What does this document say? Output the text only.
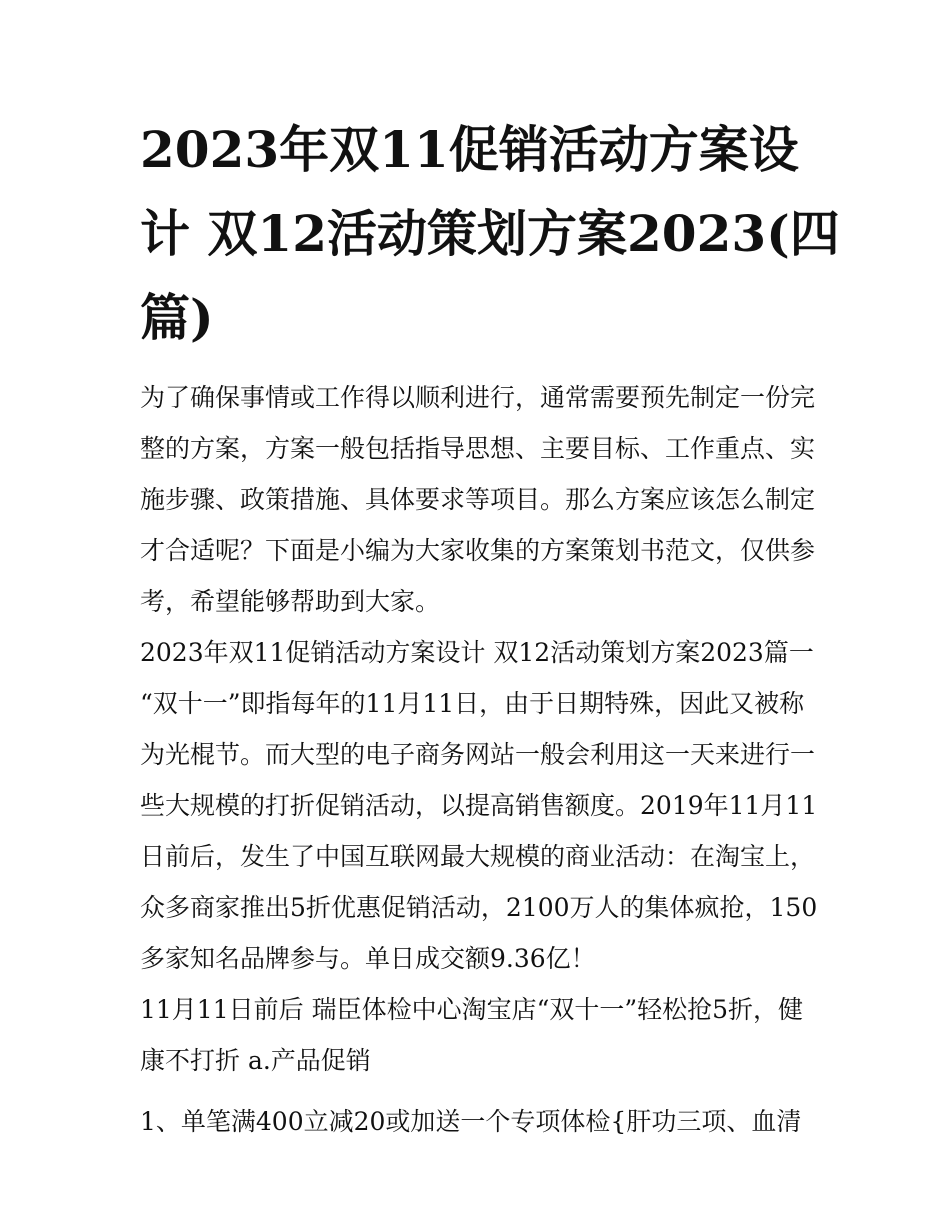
2023年双11促销活动方案设
计 双12活动策划方案2023(四
篇)
为了确保事情或工作得以顺利进行，通常需要预先制定一份完
整的方案，方案一般包括指导思想、主要目标、工作重点、实
施步骤、政策措施、具体要求等项目。那么方案应该怎么制定
才合适呢？下面是小编为大家收集的方案策划书范文，仅供参
考，希望能够帮助到大家。
2023年双11促销活动方案设计 双12活动策划方案2023篇一
“双十一”即指每年的11月11日，由于日期特殊，因此又被称
为光棍节。而大型的电子商务网站一般会利用这一天来进行一
些大规模的打折促销活动，以提高销售额度。2019年11月11
日前后，发生了中国互联网最大规模的商业活动：在淘宝上，
众多商家推出5折优惠促销活动，2100万人的集体疯抢，150
多家知名品牌参与。单日成交额9.36亿！
11月11日前后 瑞臣体检中心淘宝店“双十一”轻松抢5折，健
康不打折 a.产品促销
1、单笔满400立减20或加送一个专项体检{肝功三项、血清
